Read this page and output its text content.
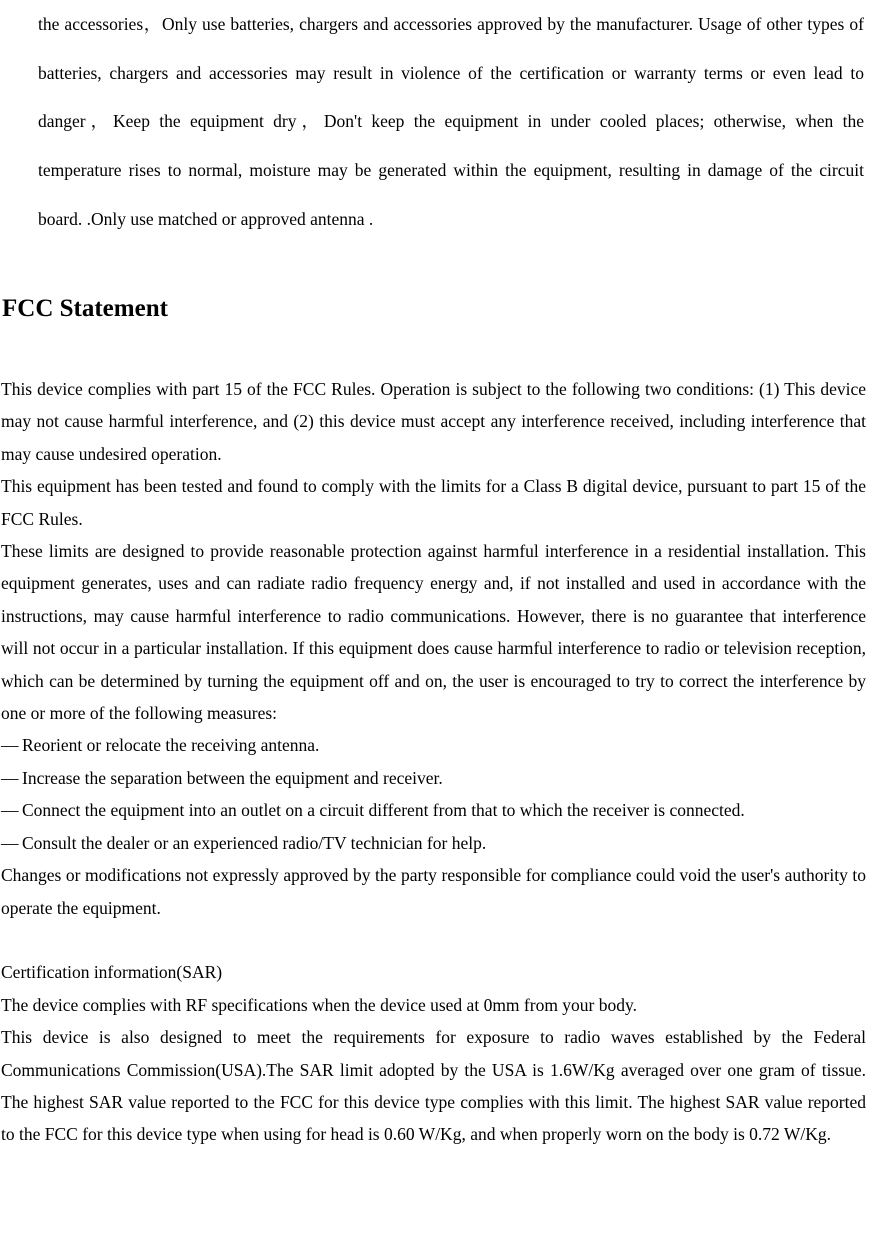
the accessories，Only use batteries, chargers and accessories approved by the manufacturer. Usage of other types of batteries, chargers and accessories may result in violence of the certification or warranty terms or even lead to danger，Keep the equipment dry，Don't keep the equipment in under cooled places; otherwise, when the temperature rises to normal, moisture may be generated within the equipment, resulting in damage of the circuit board. .Only use matched or approved antenna .

FCC Statement

This device complies with part 15 of the FCC Rules. Operation is subject to the following two conditions: (1) This device may not cause harmful interference, and (2) this device must accept any interference received, including interference that may cause undesired operation.

This equipment has been tested and found to comply with the limits for a Class B digital device, pursuant to part 15 of the FCC Rules.

These limits are designed to provide reasonable protection against harmful interference in a residential installation. This equipment generates, uses and can radiate radio frequency energy and, if not installed and used in accordance with the instructions, may cause harmful interference to radio communications. However, there is no guarantee that interference will not occur in a particular installation. If this equipment does cause harmful interference to radio or television reception, which can be determined by turning the equipment off and on, the user is encouraged to try to correct the interference by one or more of the following measures:

— Reorient or relocate the receiving antenna.
— Increase the separation between the equipment and receiver.
— Connect the equipment into an outlet on a circuit different from that to which the receiver is connected.
— Consult the dealer or an experienced radio/TV technician for help.

Changes or modifications not expressly approved by the party responsible for compliance could void the user's authority to operate the equipment.

Certification information(SAR)

The device complies with RF specifications when the device used at 0mm from your body.

This device is also designed to meet the requirements for exposure to radio waves established by the Federal Communications Commission(USA).The SAR limit adopted by the USA is 1.6W/Kg averaged over one gram of tissue. The highest SAR value reported to the FCC for this device type complies with this limit. The highest SAR value reported to the FCC for this device type when using for head is 0.60 W/Kg, and when properly worn on the body is 0.72 W/Kg.
